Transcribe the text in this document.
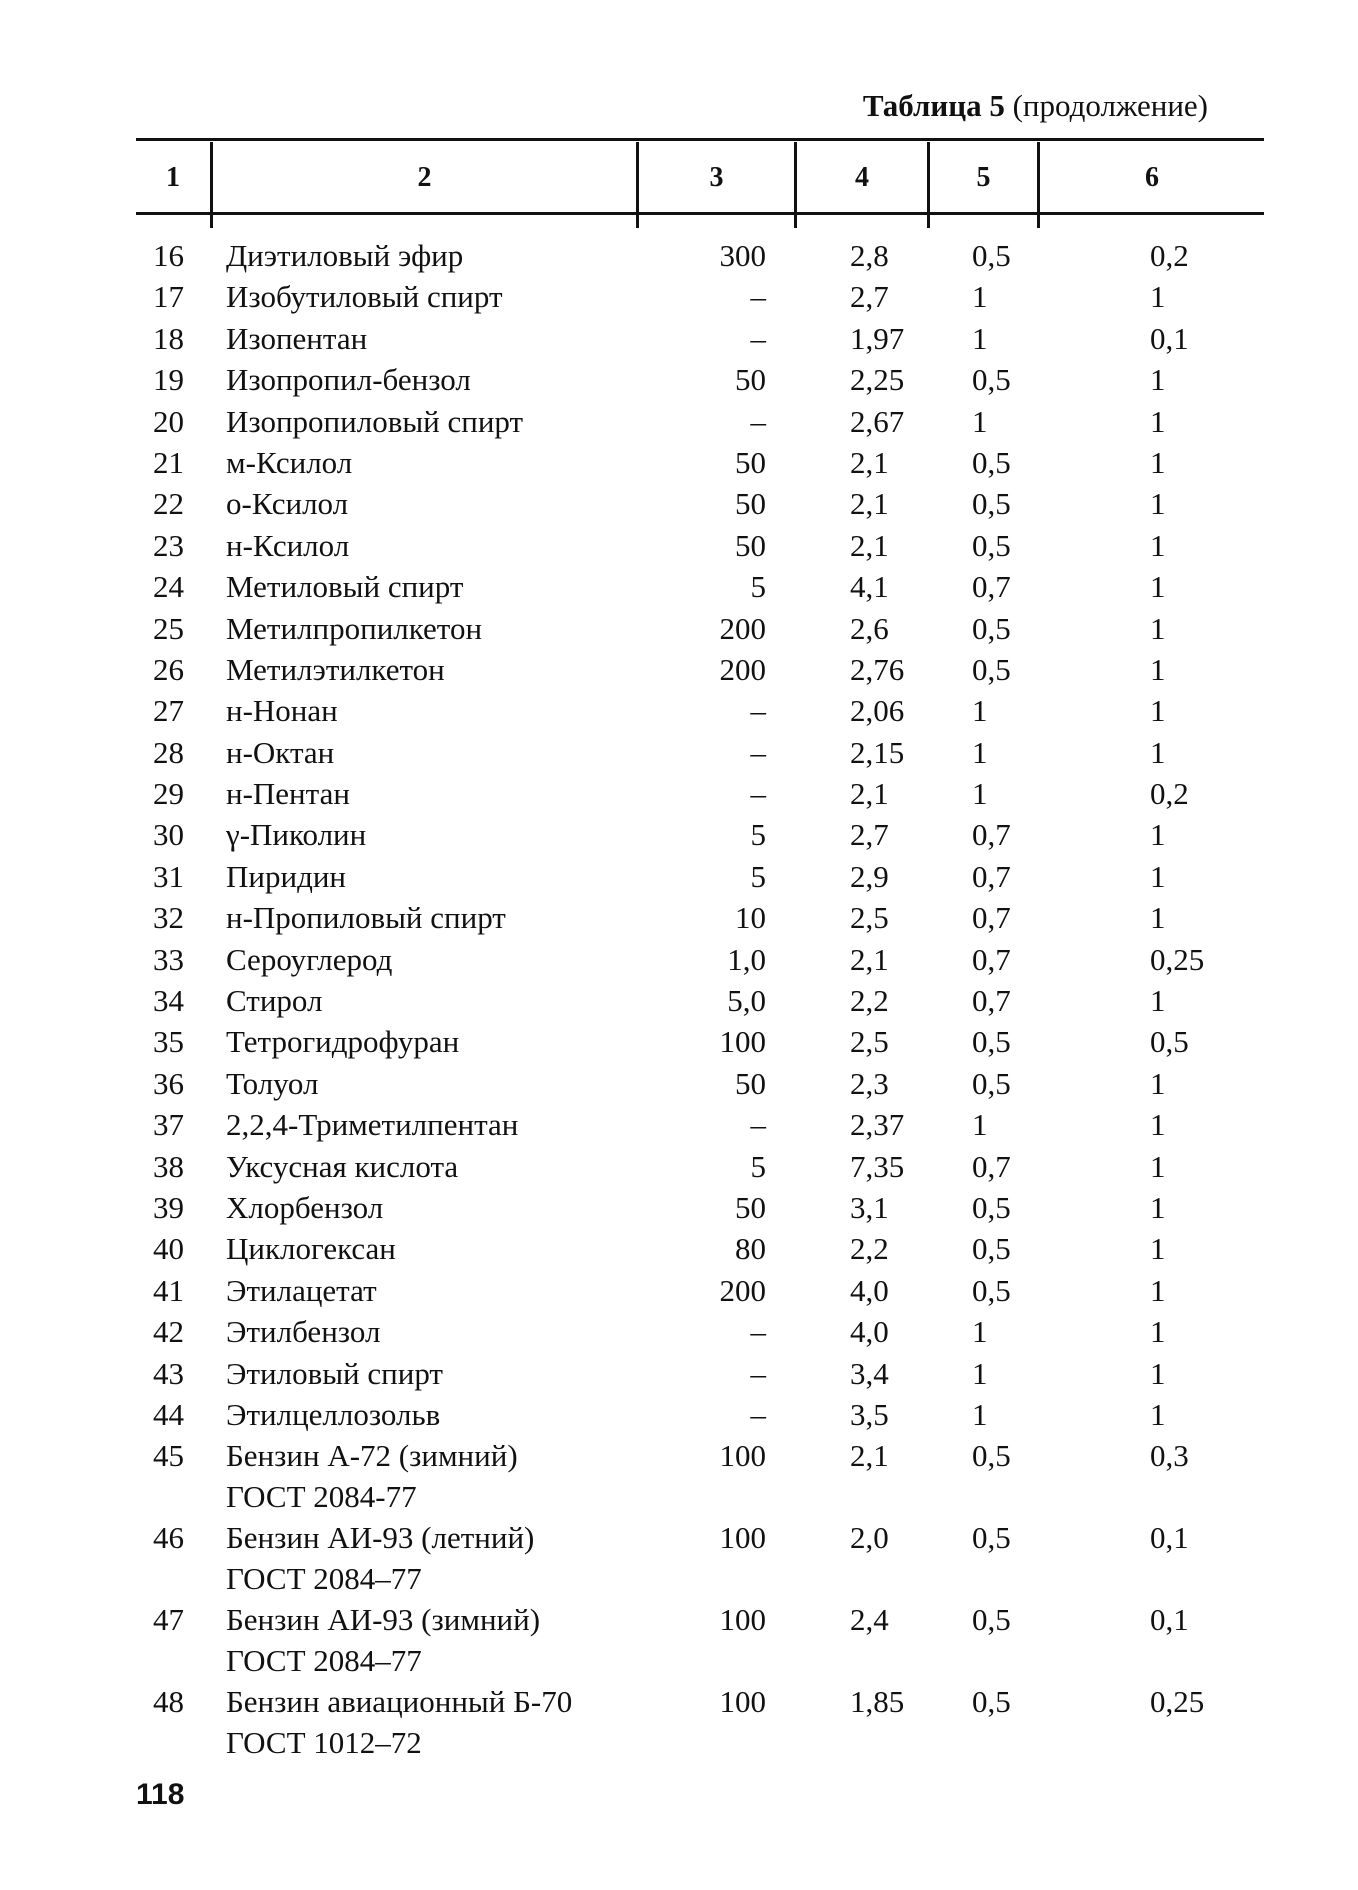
Таблица 5 (продолжение)
1	2	3	4	5	6
16 Диэтиловый эфир	300	2,8	0,5	0,2
17 Изобутиловый спирт	–	2,7	1	1
18 Изопентан	–	1,97	1	0,1
19 Изопропил-бензол	50	2,25	0,5	1
20 Изопропиловый спирт	–	2,67	1	1
21 м-Ксилол	50	2,1	0,5	1
22 о-Ксилол	50	2,1	0,5	1
23 н-Ксилол	50	2,1	0,5	1
24 Метиловый спирт	5	4,1	0,7	1
25 Метилпропилкетон	200	2,6	0,5	1
26 Метилэтилкетон	200	2,76	0,5	1
27 н-Нонан	–	2,06	1	1
28 н-Октан	–	2,15	1	1
29 н-Пентан	–	2,1	1	0,2
30 γ-Пиколин	5	2,7	0,7	1
31 Пиридин	5	2,9	0,7	1
32 н-Пропиловый спирт	10	2,5	0,7	1
33 Сероуглерод	1,0	2,1	0,7	0,25
34 Стирол	5,0	2,2	0,7	1
35 Тетрогидрофуран	100	2,5	0,5	0,5
36 Толуол	50	2,3	0,5	1
37 2,2,4-Триметилпентан	–	2,37	1	1
38 Уксусная кислота	5	7,35	0,7	1
39 Хлорбензол	50	3,1	0,5	1
40 Циклогексан	80	2,2	0,5	1
41 Этилацетат	200	4,0	0,5	1
42 Этилбензол	–	4,0	1	1
43 Этиловый спирт	–	3,4	1	1
44 Этилцеллозольв	–	3,5	1	1
45 Бензин А-72 (зимний)
ГОСТ 2084-77
100	2,1	0,5	0,3
46 Бензин АИ-93 (летний)
ГОСТ 2084–77
100	2,0	0,5	0,1
47 Бензин АИ-93 (зимний)
ГОСТ 2084–77
100	2,4	0,5	0,1
48 Бензин авиационный Б-70
ГОСТ 1012–72
100	1,85	0,5	0,25
118
